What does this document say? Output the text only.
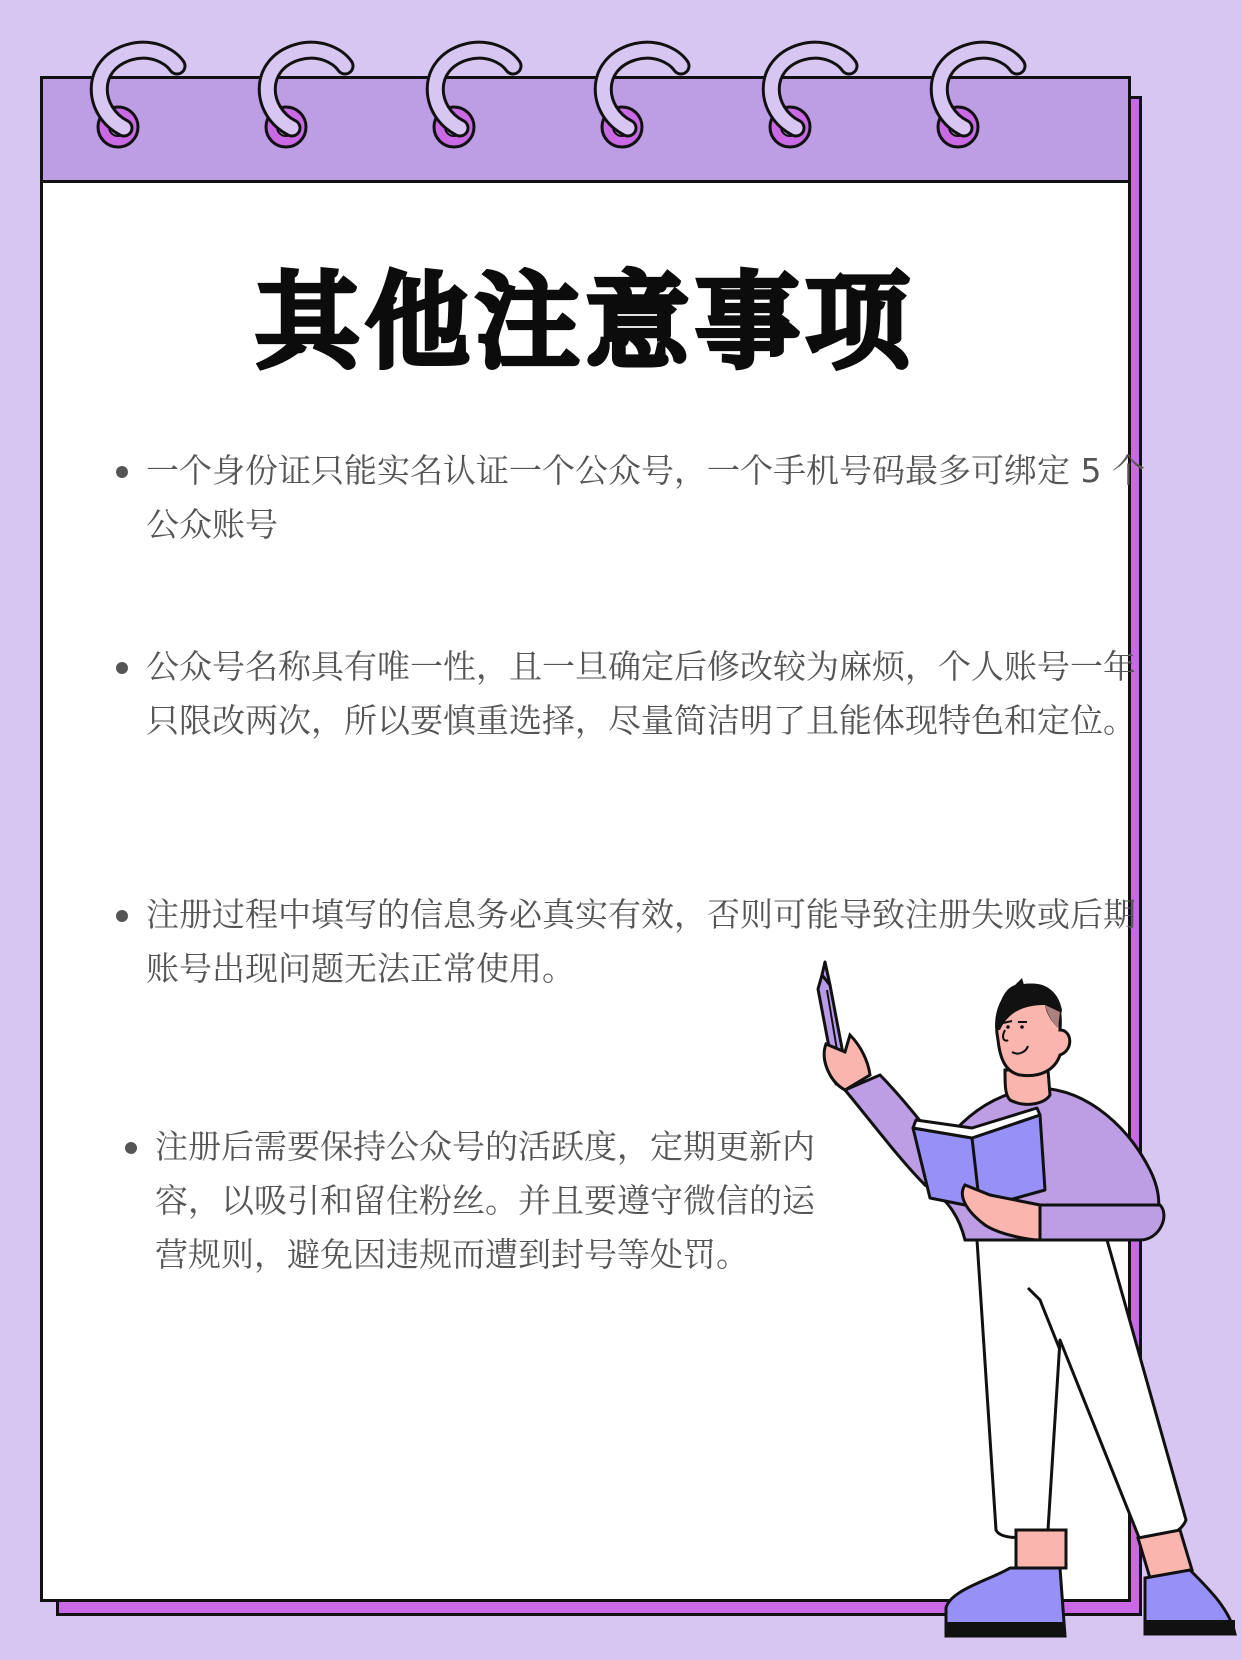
其他注意事项
一个身份证只能实名认证一个公众号，一个手机号码最多可绑定 5 个公众账号
公众号名称具有唯一性，且一旦确定后修改较为麻烦，个人账号一年只限改两次，所以要慎重选择，尽量简洁明了且能体现特色和定位。
注册过程中填写的信息务必真实有效，否则可能导致注册失败或后期账号出现问题无法正常使用。
注册后需要保持公众号的活跃度，定期更新内容，以吸引和留住粉丝。并且要遵守微信的运营规则，避免因违规而遭到封号等处罚。
